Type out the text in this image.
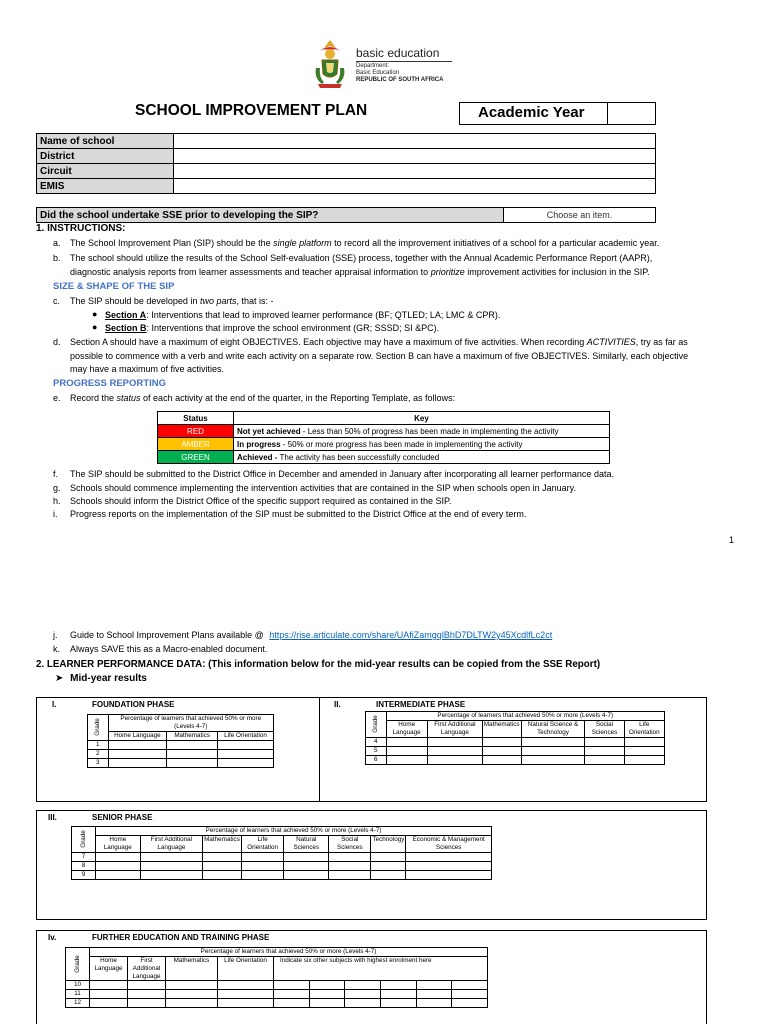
basic education
Department:
Basic Education
REPUBLIC OF SOUTH AFRICA
SCHOOL IMPROVEMENT PLAN	Academic Year
Name of school	
District	
Circuit	
EMIS	
Did the school undertake SSE prior to developing the SIP?	Choose an item.
1. INSTRUCTIONS:
a. The School Improvement Plan (SIP) should be the single platform to record all the improvement initiatives of a school for a particular academic year.
b. The school should utilize the results of the School Self-evaluation (SSE) process, together with the Annual Academic Performance Report (AAPR),
diagnostic analysis reports from learner assessments and teacher appraisal information to prioritize improvement activities for inclusion in the SIP.
SIZE & SHAPE OF THE SIP
c. The SIP should be developed in two parts, that is: -
● Section A: Interventions that lead to improved learner performance (BF; QTLED; LA; LMC & CPR).
● Section B: Interventions that improve the school environment (GR; SSSD; SI &PC).
d. Section A should have a maximum of eight OBJECTIVES. Each objective may have a maximum of five activities. When recording ACTIVITIES, try as far as
possible to commence with a verb and write each activity on a separate row. Section B can have a maximum of five OBJECTIVES. Similarly, each objective
may have a maximum of five activities.
PROGRESS REPORTING
e. Record the status of each activity at the end of the quarter, in the Reporting Template, as follows:
Status	Key
RED	Not yet achieved - Less than 50% of progress has been made in implementing the activity
AMBER	In progress - 50% or more progress has been made in implementing the activity
GREEN	Achieved - The activity has been successfully concluded
f. The SIP should be submitted to the District Office in December and amended in January after incorporating all learner performance data.
g. Schools should commence implementing the intervention activities that are contained in the SIP when schools open in January.
h. Schools should inform the District Office of the specific support required as contained in the SIP.
i. Progress reports on the implementation of the SIP must be submitted to the District Office at the end of every term.
1
j. Guide to School Improvement Plans available @ https://rise.articulate.com/share/UAfiZamgqlBhD7DLTW2y45XcdlfLc2ct
k. Always SAVE this as a Macro-enabled document.
2. LEARNER PERFORMANCE DATA: (This information below for the mid-year results can be copied from the SSE Report)
➤ Mid-year results
I.	FOUNDATION PHASE
Grade	Percentage of learners that achieved 50% or more (Levels 4-7)		
	Home Language	Mathematics	Life Orientation
1			
2			
3			
II.	INTERMEDIATE PHASE
Grade	Percentage of learners that achieved 50% or more (Levels 4-7)					
	Home Language	First Additional Language	Mathematics	Natural Science & Technology	Social Sciences	Life Orientation
4						
5						
6						
III.	SENIOR PHASE
Grade	Percentage of learners that achieved 50% or more (Levels 4-7)							
	Home Language	First Additional Language	Mathematics	Life Orientation	Natural Sciences	Social Sciences	Technology	Economic & Management Sciences
7								
8								
9								
Iv.	FURTHER EDUCATION AND TRAINING PHASE
Grade	Percentage of learners that achieved 50% or more (Levels 4-7)									
	Home Language	First Additional Language	Mathematics	Life Orientation	Indicate six other subjects with highest enrolment here					
10										
11										
12										
